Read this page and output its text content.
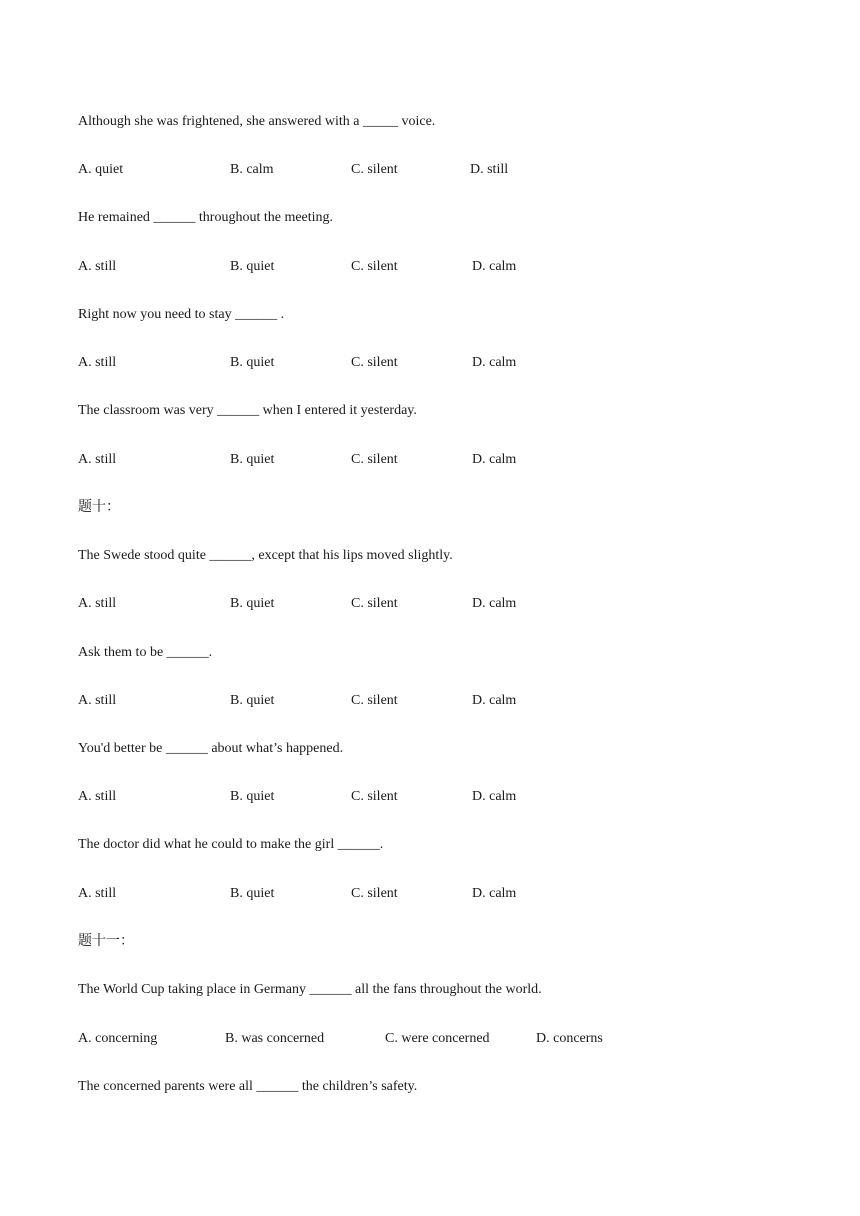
Although she was frightened, she answered with a _____ voice.
A. quiet	B. calm	C. silent	D. still
He remained ______ throughout the meeting.
A. still	B. quiet	C. silent	D. calm
Right now you need to stay ______ .
A. still	B. quiet	C. silent	D. calm
The classroom was very ______ when I entered it yesterday.
A. still	B. quiet	C. silent	D. calm
题十：
The Swede stood quite ______, except that his lips moved slightly.
A. still	B. quiet	C. silent	D. calm
Ask them to be ______.
A. still	B. quiet	C. silent	D. calm
You'd better be ______ about what’s happened.
A. still	B. quiet	C. silent	D. calm
The doctor did what he could to make the girl ______.
A. still	B. quiet	C. silent	D. calm
题十一：
The World Cup taking place in Germany ______ all the fans throughout the world.
A. concerning	B. was concerned	C. were concerned	D. concerns
The concerned parents were all ______ the children’s safety.
